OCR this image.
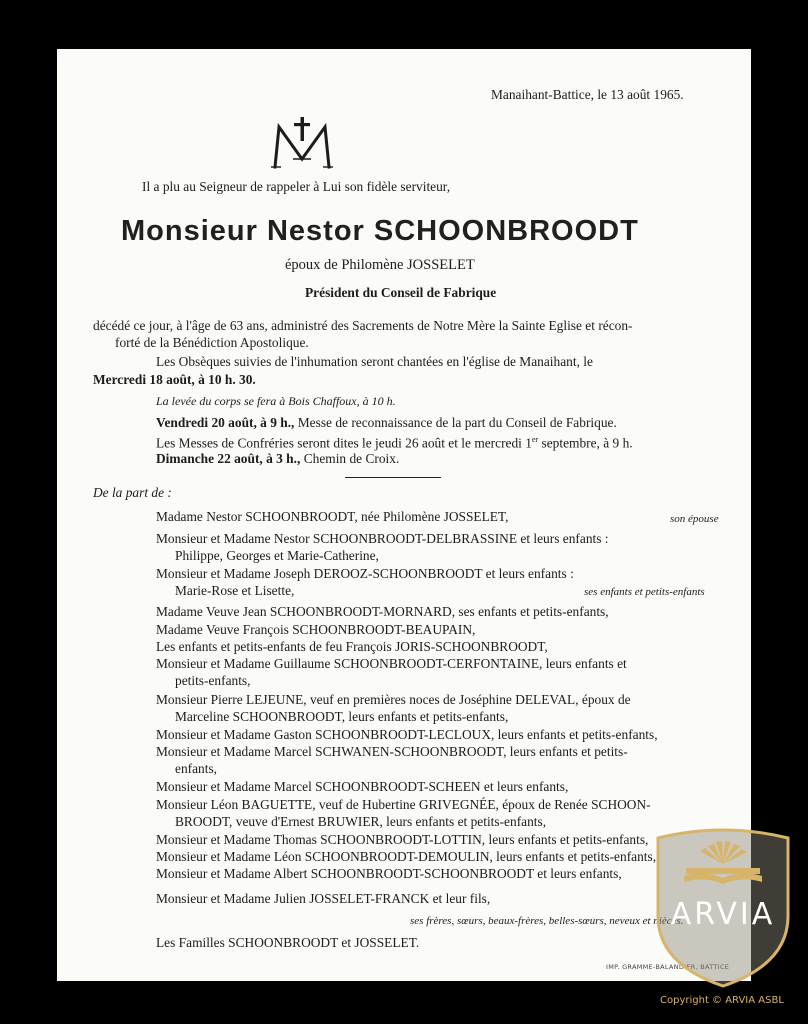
Manaihant-Battice, le 13 août 1965.
Il a plu au Seigneur de rappeler à Lui son fidèle serviteur,
Monsieur Nestor SCHOONBROODT
époux de Philomène JOSSELET
Président du Conseil de Fabrique
décédé ce jour, à l'âge de 63 ans, administré des Sacrements de Notre Mère la Sainte Eglise et récon-
forté de la Bénédiction Apostolique.
Les Obsèques suivies de l'inhumation seront chantées en l'église de Manaihant, le
Mercredi 18 août, à 10 h. 30.
La levée du corps se fera à Bois Chaffoux, à 10 h.
Vendredi 20 août, à 9 h., Messe de reconnaissance de la part du Conseil de Fabrique.
Les Messes de Confréries seront dites le jeudi 26 août et le mercredi 1er septembre, à 9 h.
Dimanche 22 août, à 3 h., Chemin de Croix.
De la part de :
Madame Nestor SCHOONBROODT, née Philomène JOSSELET,	son épouse
Monsieur et Madame Nestor SCHOONBROODT-DELBRASSINE et leurs enfants :
Philippe, Georges et Marie-Catherine,
Monsieur et Madame Joseph DEROOZ-SCHOONBROODT et leurs enfants :
Marie-Rose et Lisette,	ses enfants et petits-enfants
Madame Veuve Jean SCHOONBROODT-MORNARD, ses enfants et petits-enfants,
Madame Veuve François SCHOONBROODT-BEAUPAIN,
Les enfants et petits-enfants de feu François JORIS-SCHOONBROODT,
Monsieur et Madame Guillaume SCHOONBROODT-CERFONTAINE, leurs enfants et
petits-enfants,
Monsieur Pierre LEJEUNE, veuf en premières noces de Joséphine DELEVAL, époux de
Marceline SCHOONBROODT, leurs enfants et petits-enfants,
Monsieur et Madame Gaston SCHOONBROODT-LECLOUX, leurs enfants et petits-enfants,
Monsieur et Madame Marcel SCHWANEN-SCHOONBROODT, leurs enfants et petits-
enfants,
Monsieur et Madame Marcel SCHOONBROODT-SCHEEN et leurs enfants,
Monsieur Léon BAGUETTE, veuf de Hubertine GRIVEGNÉE, époux de Renée SCHOON-
BROODT, veuve d'Ernest BRUWIER, leurs enfants et petits-enfants,
Monsieur et Madame Thomas SCHOONBROODT-LOTTIN, leurs enfants et petits-enfants,
Monsieur et Madame Léon SCHOONBROODT-DEMOULIN, leurs enfants et petits-enfants,
Monsieur et Madame Albert SCHOONBROODT-SCHOONBROODT et leurs enfants,
Monsieur et Madame Julien JOSSELET-FRANCK et leur fils,
ses frères, sœurs, beaux-frères, belles-sœurs, neveux et nièces.
Les Familles SCHOONBROODT et JOSSELET.
IMP. GRAMME-BALANDIER, BATTICE
ARVIA
Copyright © ARVIA ASBL
